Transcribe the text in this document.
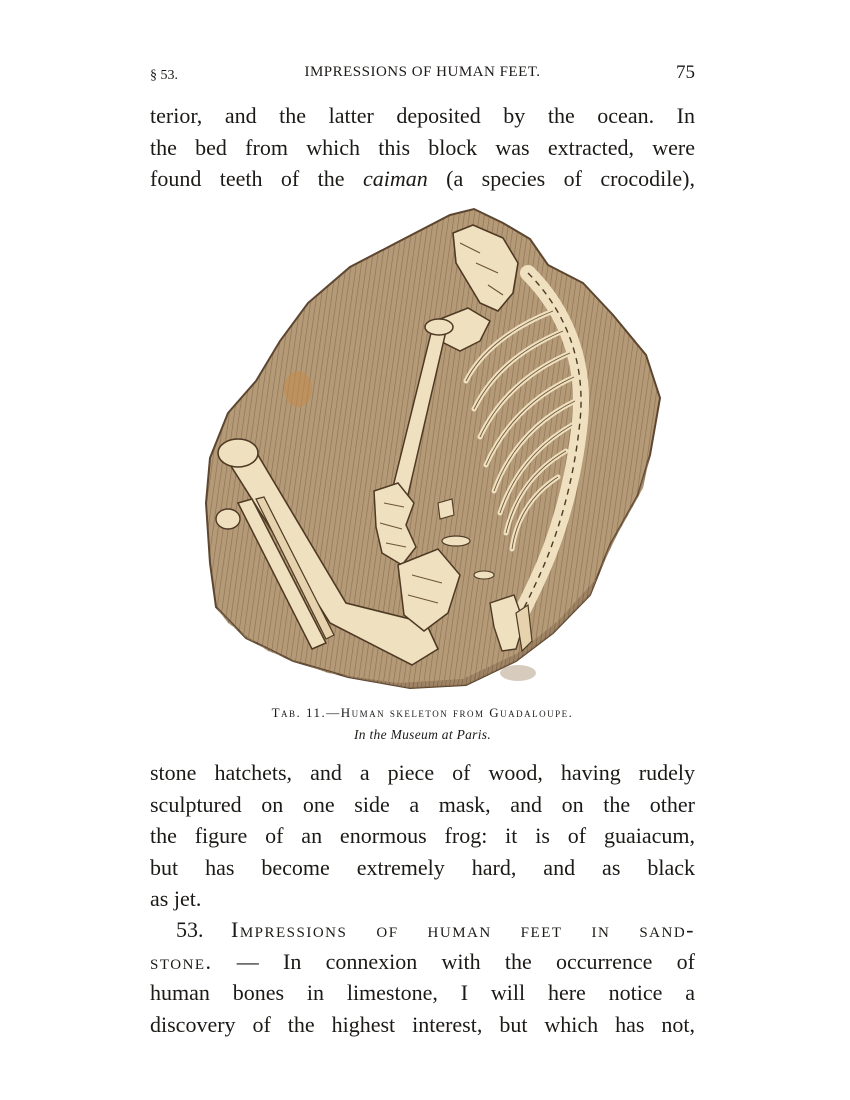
§ 53.	IMPRESSIONS OF HUMAN FEET.	75
terior, and the latter deposited by the ocean. In
the bed from which this block was extracted, were
found teeth of the caiman (a species of crocodile),
Tab. 11.—Human skeleton from Guadaloupe.
In the Museum at Paris.
stone hatchets, and a piece of wood, having rudely
sculptured on one side a mask, and on the other
the figure of an enormous frog: it is of guaiacum,
but has become extremely hard, and as black
as jet.
53. Impressions of human feet in sand-
stone. — In connexion with the occurrence of
human bones in limestone, I will here notice a
discovery of the highest interest, but which has not,
